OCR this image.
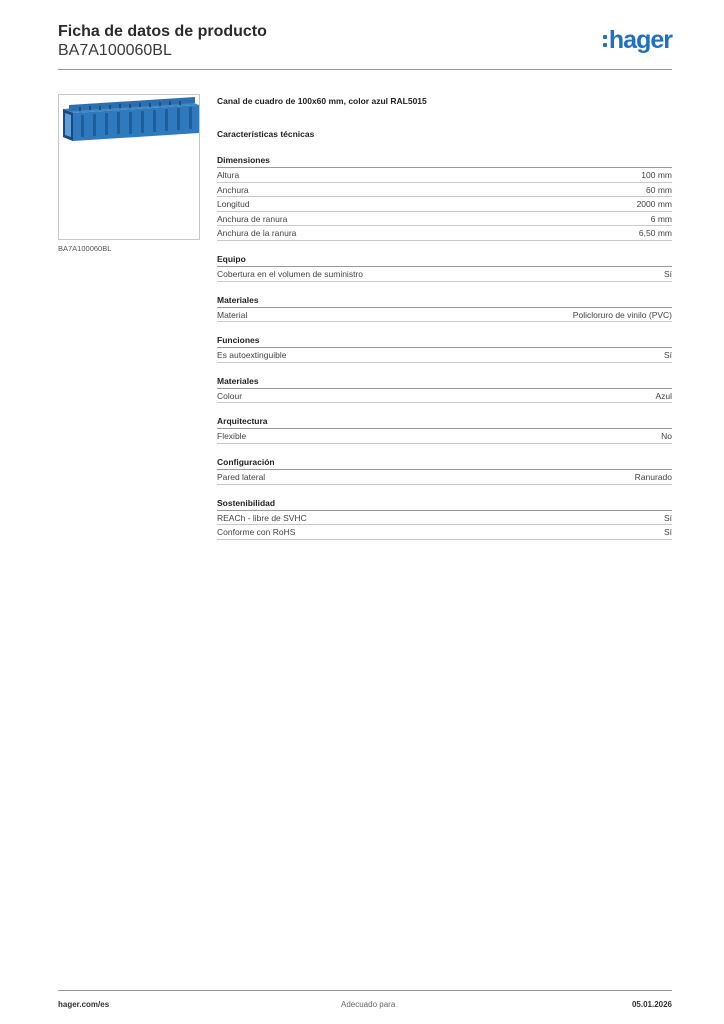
Ficha de datos de producto
BA7A100060BL	hager
BA7A100060BL
Canal de cuadro de 100x60 mm, color azul RAL5015
Características técnicas
Dimensiones
Altura	100 mm
Anchura	60 mm
Longitud	2000 mm
Anchura de ranura	6 mm
Anchura de la ranura	6,50 mm
Equipo
Cobertura en el volumen de suministro	Sí
Materiales
Material	Policloruro de vinilo (PVC)
Funciones
Es autoextinguible	Sí
Materiales
Colour	Azul
Arquitectura
Flexible	No
Configuración
Pared lateral	Ranurado
Sostenibilidad
REACh - libre de SVHC	Sí
Conforme con RoHS	Sí
hager.com/es	Adecuado para	05.01.2026
